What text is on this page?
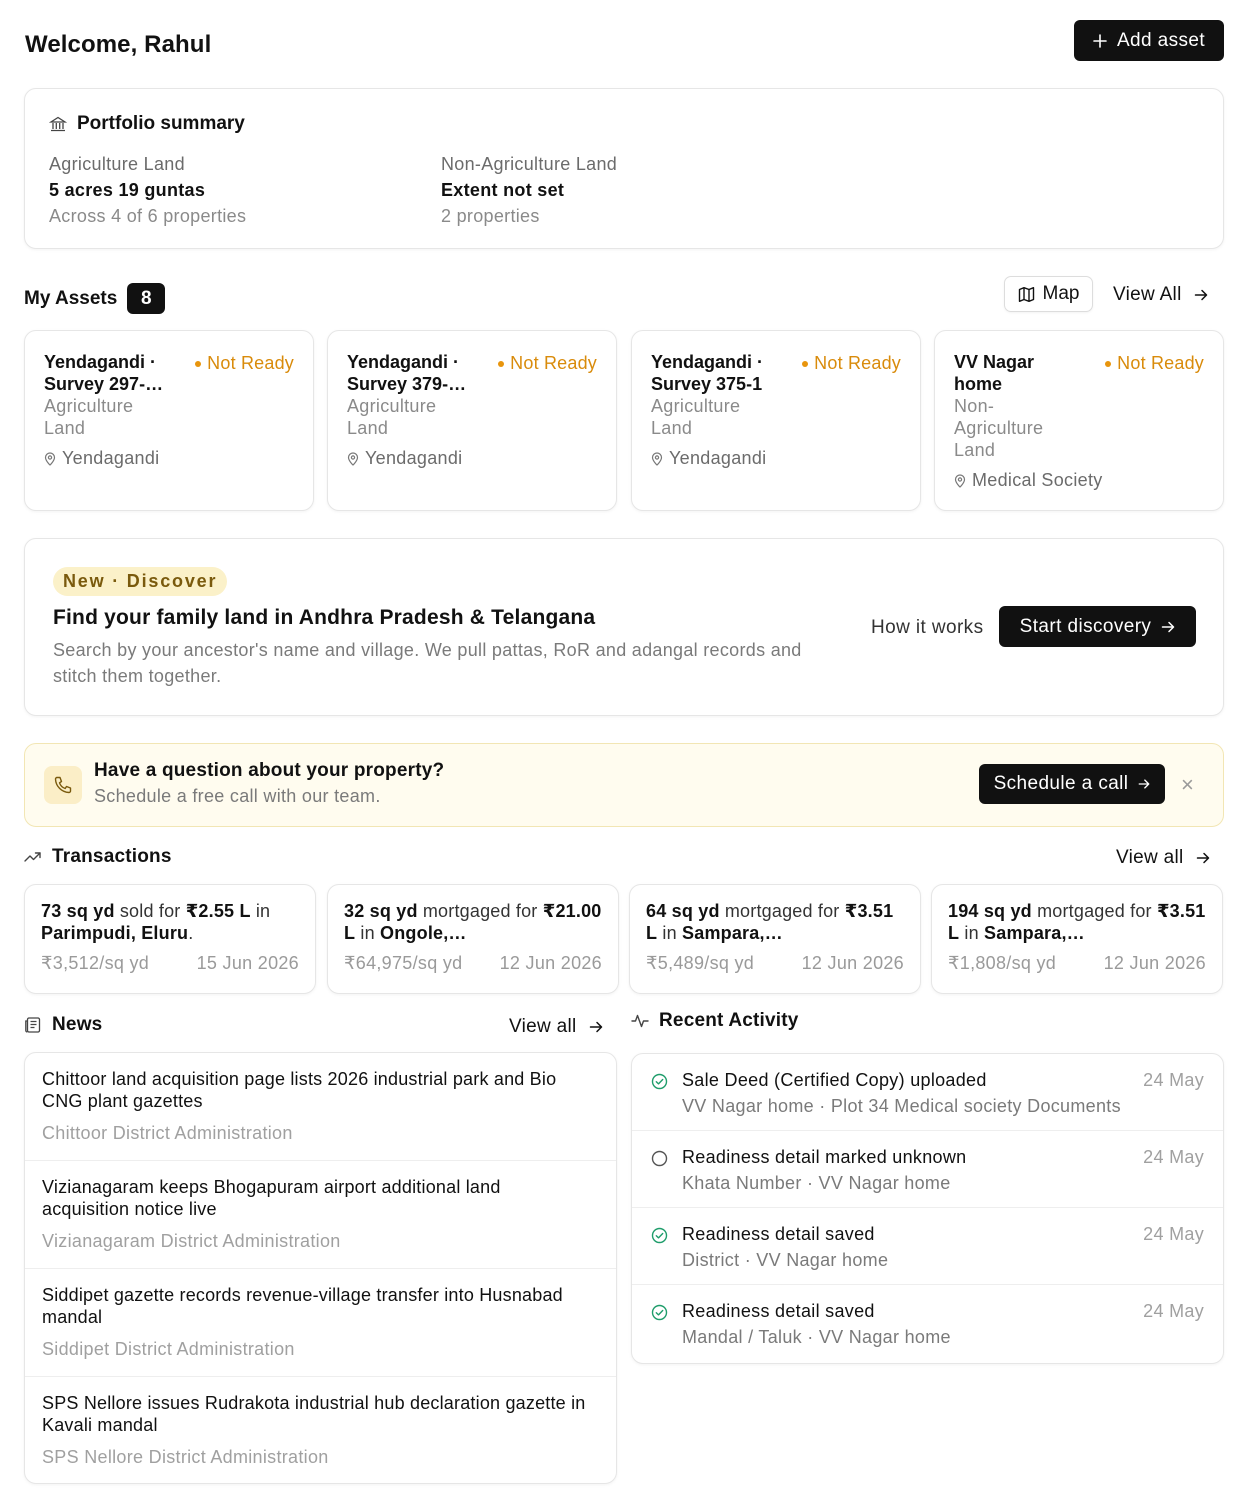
Welcome, Rahul	Add asset
Portfolio summary
Agriculture Land
5 acres 19 guntas
Across 4 of 6 properties
Non-Agriculture Land
Extent not set
2 properties
My Assets	8	Map View All
Yendagandi · Survey 297-…
Not Ready
Agriculture Land
Yendagandi
Yendagandi · Survey 379-…
Not Ready
Agriculture Land
Yendagandi
Yendagandi · Survey 375-1
Not Ready
Agriculture Land
Yendagandi
VV Nagar home
Not Ready
Non-Agriculture Land
Medical Society
New · Discover
Find your family land in Andhra Pradesh & Telangana
Search by your ancestor's name and village. We pull pattas, RoR and adangal records and stitch them together.
How it works Start discovery
Have a question about your property?
Schedule a free call with our team.
Schedule a call ×
Transactions	View all
73 sq yd sold for ₹2.55 L in Parimpudi, Eluru.
₹3,512/sq yd	15 Jun 2026
32 sq yd mortgaged for ₹21.00 L in Ongole,…
₹64,975/sq yd 12 Jun 2026
64 sq yd mortgaged for ₹3.51 L in Sampara,…
₹5,489/sq yd	12 Jun 2026
194 sq yd mortgaged for ₹3.51 L in Sampara,…
₹1,808/sq yd	12 Jun 2026
News	View all
Chittoor land acquisition page lists 2026 industrial park and Bio CNG plant gazettes
Chittoor District Administration
Vizianagaram keeps Bhogapuram airport additional land acquisition notice live
Vizianagaram District Administration
Siddipet gazette records revenue-village transfer into Husnabad mandal
Siddipet District Administration
SPS Nellore issues Rudrakota industrial hub declaration gazette in Kavali mandal
SPS Nellore District Administration
Recent Activity
Sale Deed (Certified Copy) uploaded
VV Nagar home · Plot 34 Medical society Documents
24 May
Readiness detail marked unknown
Khata Number · VV Nagar home
24 May
Readiness detail saved
District · VV Nagar home
24 May
Readiness detail saved
Mandal / Taluk · VV Nagar home
24 May
